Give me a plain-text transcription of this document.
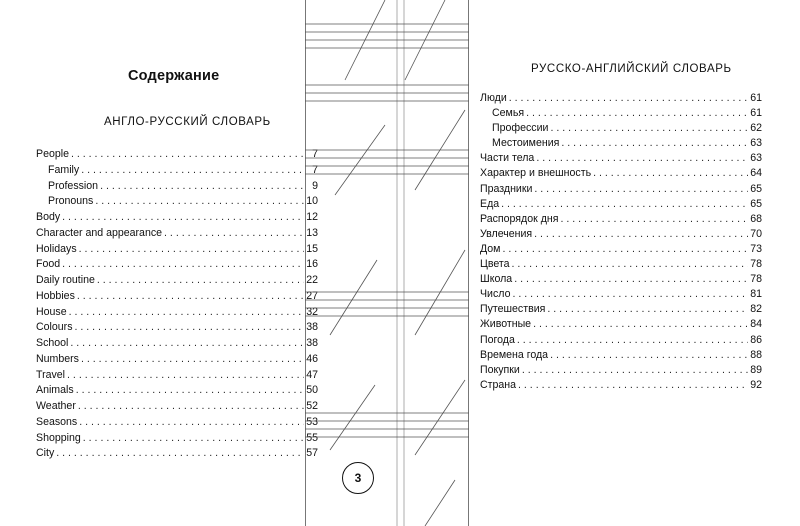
Содержание
АНГЛО-РУССКИЙ СЛОВАРЬ
People . . .	7
Family . . .	7
Profession . . .	9
Pronouns . . .	10
Body . . .	12
Character and appearance . . .	13
Holidays . . .	15
Food . . .	16
Daily routine . . .	22
Hobbies . . .	27
House . . .	32
Colours . . .	38
School . . .	38
Numbers . . .	46
Travel . . .	47
Animals . . .	50
Weather . . .	52
Seasons . . .	53
Shopping . . .	55
City . . .	57
3
РУССКО-АНГЛИЙСКИЙ СЛОВАРЬ
Люди . . .	61
Семья . . .	61
Профессии . . .	62
Местоимения . . .	63
Части тела . . .	63
Характер и внешность . . .	64
Праздники . . .	65
Еда . . .	65
Распорядок дня . . .	68
Увлечения . . .	70
Дом . . .	73
Цвета . . .	78
Школа . . .	78
Число . . .	81
Путешествия . . .	82
Животные . . .	84
Погода . . .	86
Времена года . . .	88
Покупки . . .	89
Страна . . .	92
